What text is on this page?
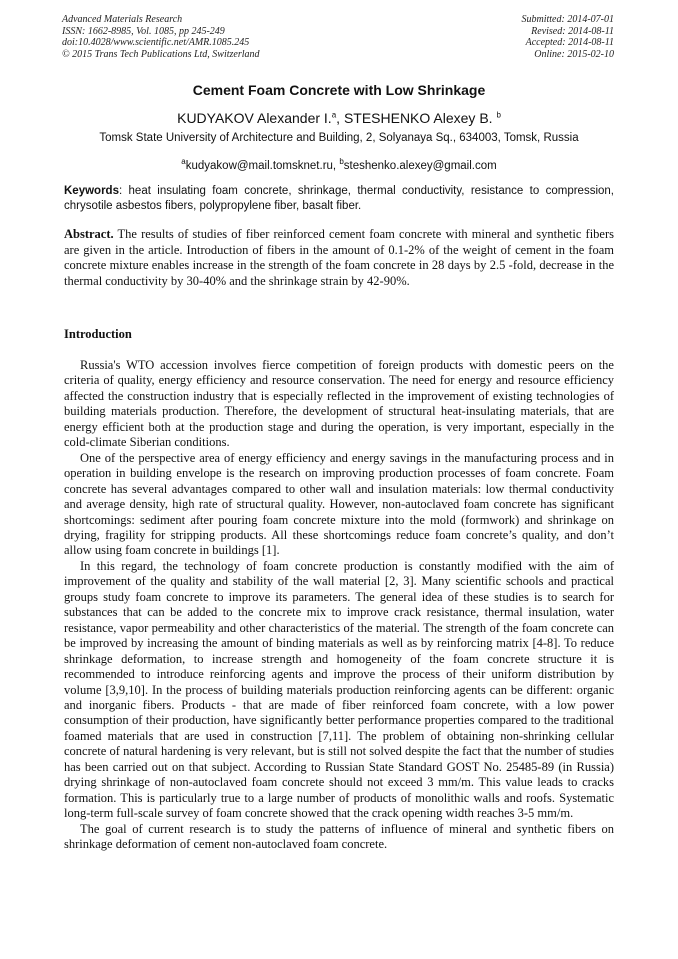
Advanced Materials Research
ISSN: 1662-8985, Vol. 1085, pp 245-249
doi:10.4028/www.scientific.net/AMR.1085.245
© 2015 Trans Tech Publications Ltd, Switzerland
Submitted: 2014-07-01
Revised: 2014-08-11
Accepted: 2014-08-11
Online: 2015-02-10
Cement Foam Concrete with Low Shrinkage
KUDYAKOV Alexander I.$^a$, STESHENKO Alexey B. $^b$
Tomsk State University of Architecture and Building, 2, Solyanaya Sq., 634003, Tomsk, Russia
$^a$kudyakow@mail.tomsknet.ru, $^b$steshenko.alexey@gmail.com
Keywords: heat insulating foam concrete, shrinkage, thermal conductivity, resistance to compression, chrysotile asbestos fibers, polypropylene fiber, basalt fiber.
Abstract. The results of studies of fiber reinforced cement foam concrete with mineral and synthetic fibers are given in the article. Introduction of fibers in the amount of 0.1-2% of the weight of cement in the foam concrete mixture enables increase in the strength of the foam concrete in 28 days by 2.5 -fold, decrease in the thermal conductivity by 30-40% and the shrinkage strain by 42-90%.
Introduction

Russia's WTO accession involves fierce competition of foreign products with domestic peers on the criteria of quality, energy efficiency and resource conservation. The need for energy and resource efficiency affected the construction industry that is especially reflected in the improvement of existing technologies of building materials production. Therefore, the development of structural heat-insulating materials, that are energy efficient both at the production stage and during the operation, is very important, especially in the cold-climate Siberian conditions.

One of the perspective area of energy efficiency and energy savings in the manufacturing process and in operation in building envelope is the research on improving production processes of foam concrete. Foam concrete has several advantages compared to other wall and insulation materials: low thermal conductivity and average density, high rate of structural quality. However, non-autoclaved foam concrete has significant shortcomings: sediment after pouring foam concrete mixture into the mold (formwork) and shrinkage on drying, fragility for stripping products. All these shortcomings reduce foam concrete’s quality, and don’t allow using foam concrete in buildings [1].

In this regard, the technology of foam concrete production is constantly modified with the aim of improvement of the quality and stability of the wall material [2, 3]. Many scientific schools and practical groups study foam concrete to improve its parameters. The general idea of these studies is to search for substances that can be added to the concrete mix to improve crack resistance, thermal insulation, water resistance, vapor permeability and other characteristics of the material. The strength of the foam concrete can be improved by increasing the amount of binding materials as well as by reinforcing matrix [4-8]. To reduce shrinkage deformation, to increase strength and homogeneity of the foam concrete structure it is recommended to introduce reinforcing agents and improve the process of their uniform distribution by volume [3,9,10]. In the process of building materials production reinforcing agents can be different: organic and inorganic fibers. Products - that are made of fiber reinforced foam concrete, with a low power consumption of their production, have significantly better performance properties compared to the traditional foamed materials that are used in construction [7,11]. The problem of obtaining non-shrinking cellular concrete of natural hardening is very relevant, but is still not solved despite the fact that the number of studies has been carried out on that subject. According to Russian State Standard GOST No. 25485-89 (in Russia) drying shrinkage of non-autoclaved foam concrete should not exceed 3 mm/m. This value leads to cracks formation. This is particularly true to a large number of products of monolithic walls and roofs. Systematic long-term full-scale survey of foam concrete showed that the crack opening width reaches 3-5 mm/m.

The goal of current research is to study the patterns of influence of mineral and synthetic fibers on shrinkage deformation of cement non-autoclaved foam concrete.
